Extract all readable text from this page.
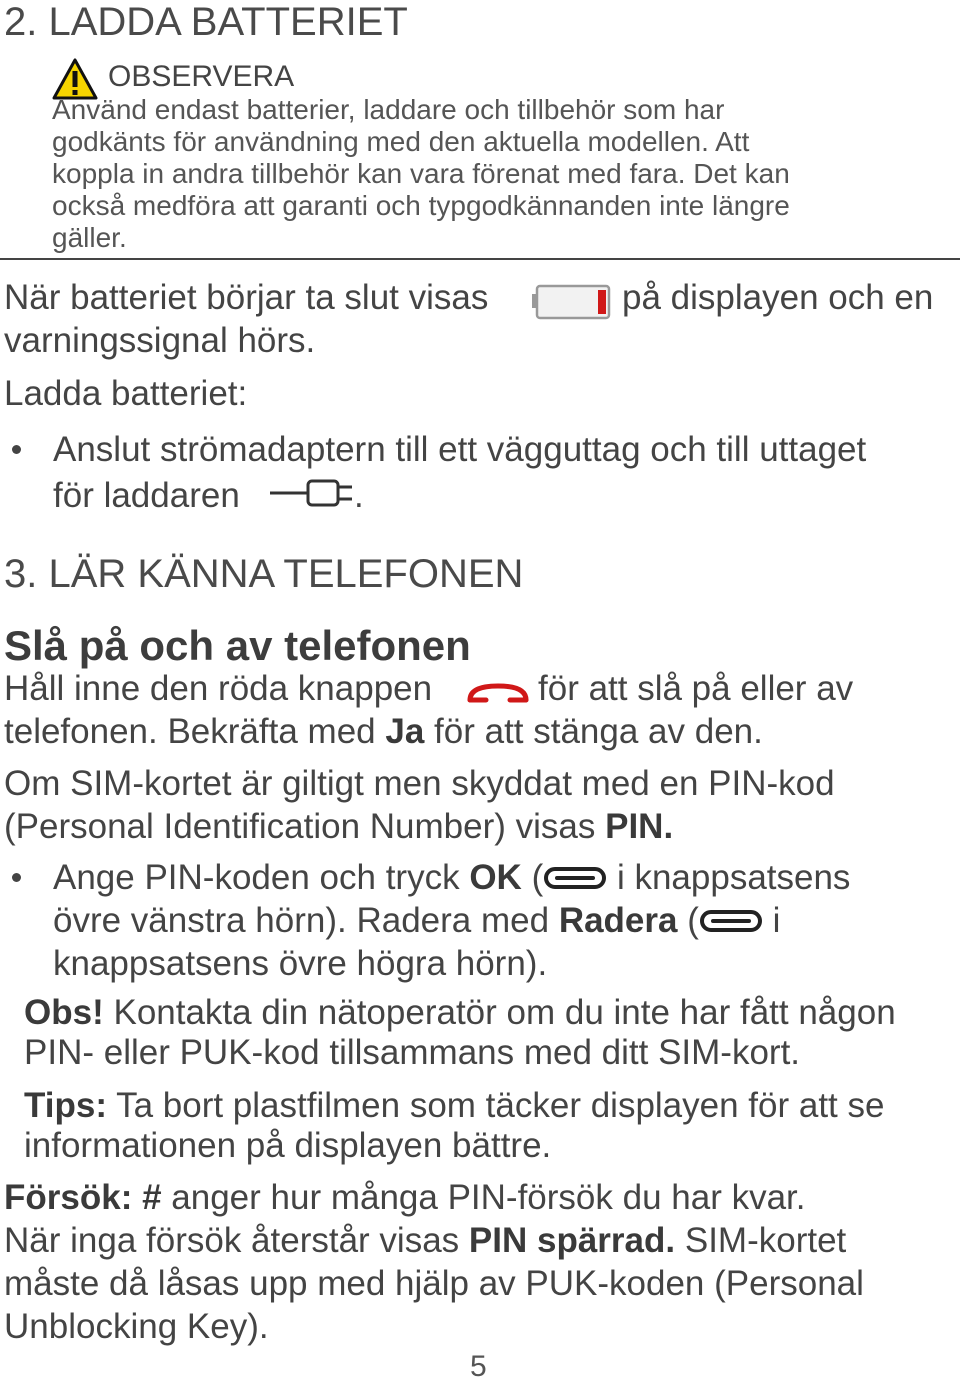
2. LADDA BATTERIET
OBSERVERA
Använd endast batterier, laddare och tillbehör som har
godkänts för användning med den aktuella modellen. Att
koppla in andra tillbehör kan vara förenat med fara. Det kan
också medföra att garanti och typgodkännanden inte längre
gäller.
När batteriet börjar ta slut visas	på displayen och en
varningssignal hörs.
Ladda batteriet:
Anslut strömadaptern till ett vägguttag och till uttaget
för laddaren	.
3. LÄR KÄNNA TELEFONEN
Slå på och av telefonen
Håll inne den röda knappen	för att slå på eller av
telefonen. Bekräfta med Ja för att stänga av den.
Om SIM-kortet är giltigt men skyddat med en PIN-kod
(Personal Identification Number) visas PIN.
Ange PIN-koden och tryck OK ( i knappsatsens
övre vänstra hörn). Radera med Radera ( i
knappsatsens övre högra hörn).
Obs! Kontakta din nätoperatör om du inte har fått någon
PIN- eller PUK-kod tillsammans med ditt SIM-kort.
Tips: Ta bort plastfilmen som täcker displayen för att se
informationen på displayen bättre.
Försök: # anger hur många PIN-försök du har kvar.
När inga försök återstår visas PIN spärrad. SIM-kortet
måste då låsas upp med hjälp av PUK-koden (Personal
Unblocking Key).
5
